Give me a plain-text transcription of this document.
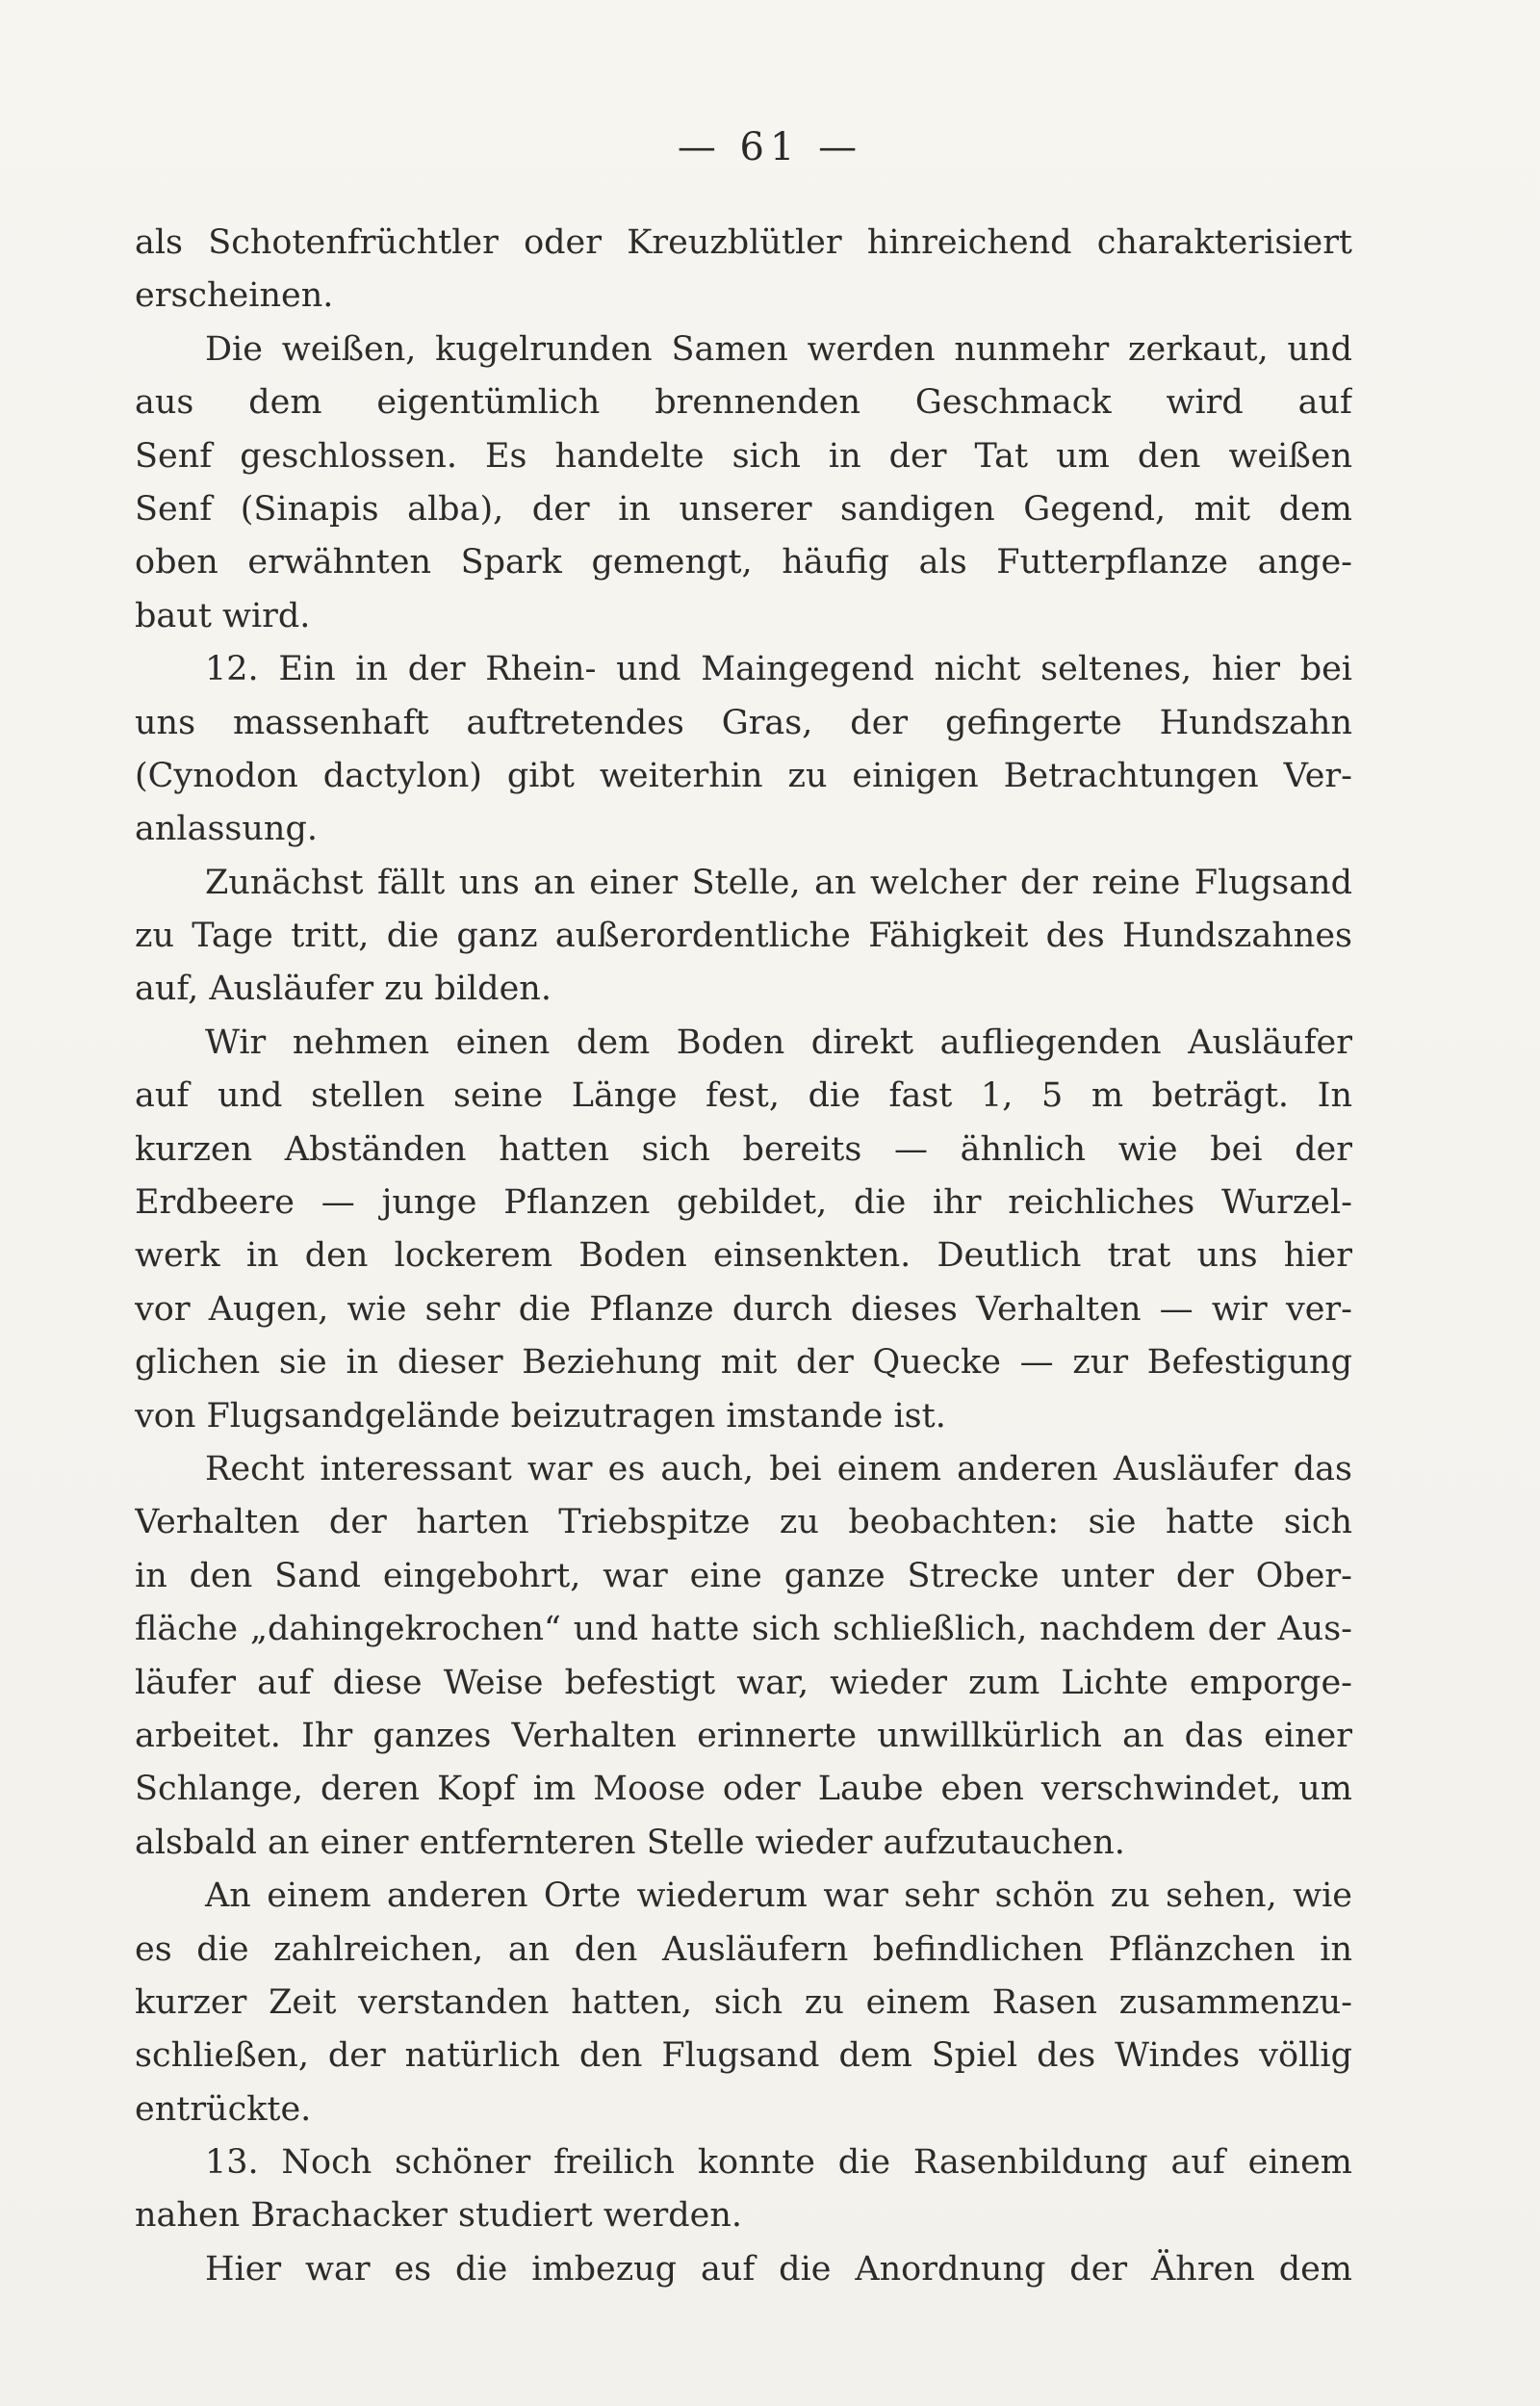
— 61 —
als Schotenfrüchtler oder Kreuzblütler hinreichend charakterisiert
erscheinen.
Die weißen, kugelrunden Samen werden nunmehr zerkaut, und
aus dem eigentümlich brennenden Geschmack wird auf
Senf geschlossen. Es handelte sich in der Tat um den weißen
Senf (Sinapis alba), der in unserer sandigen Gegend, mit dem
oben erwähnten Spark gemengt, häufig als Futterpflanze ange-
baut wird.
12. Ein in der Rhein- und Maingegend nicht seltenes, hier bei
uns massenhaft auftretendes Gras, der gefingerte Hundszahn
(Cynodon dactylon) gibt weiterhin zu einigen Betrachtungen Ver-
anlassung.
Zunächst fällt uns an einer Stelle, an welcher der reine Flugsand
zu Tage tritt, die ganz außerordentliche Fähigkeit des Hundszahnes
auf, Ausläufer zu bilden.
Wir nehmen einen dem Boden direkt aufliegenden Ausläufer
auf und stellen seine Länge fest, die fast 1, 5 m beträgt. In
kurzen Abständen hatten sich bereits — ähnlich wie bei der
Erdbeere — junge Pflanzen gebildet, die ihr reichliches Wurzel-
werk in den lockerem Boden einsenkten. Deutlich trat uns hier
vor Augen, wie sehr die Pflanze durch dieses Verhalten — wir ver-
glichen sie in dieser Beziehung mit der Quecke — zur Befestigung
von Flugsandgelände beizutragen imstande ist.
Recht interessant war es auch, bei einem anderen Ausläufer das
Verhalten der harten Triebspitze zu beobachten: sie hatte sich
in den Sand eingebohrt, war eine ganze Strecke unter der Ober-
fläche „dahingekrochen“ und hatte sich schließlich, nachdem der Aus-
läufer auf diese Weise befestigt war, wieder zum Lichte emporge-
arbeitet. Ihr ganzes Verhalten erinnerte unwillkürlich an das einer
Schlange, deren Kopf im Moose oder Laube eben verschwindet, um
alsbald an einer entfernteren Stelle wieder aufzutauchen.
An einem anderen Orte wiederum war sehr schön zu sehen, wie
es die zahlreichen, an den Ausläufern befindlichen Pflänzchen in
kurzer Zeit verstanden hatten, sich zu einem Rasen zusammenzu-
schließen, der natürlich den Flugsand dem Spiel des Windes völlig
entrückte.
13. Noch schöner freilich konnte die Rasenbildung auf einem
nahen Brachacker studiert werden.
Hier war es die imbezug auf die Anordnung der Ähren dem
